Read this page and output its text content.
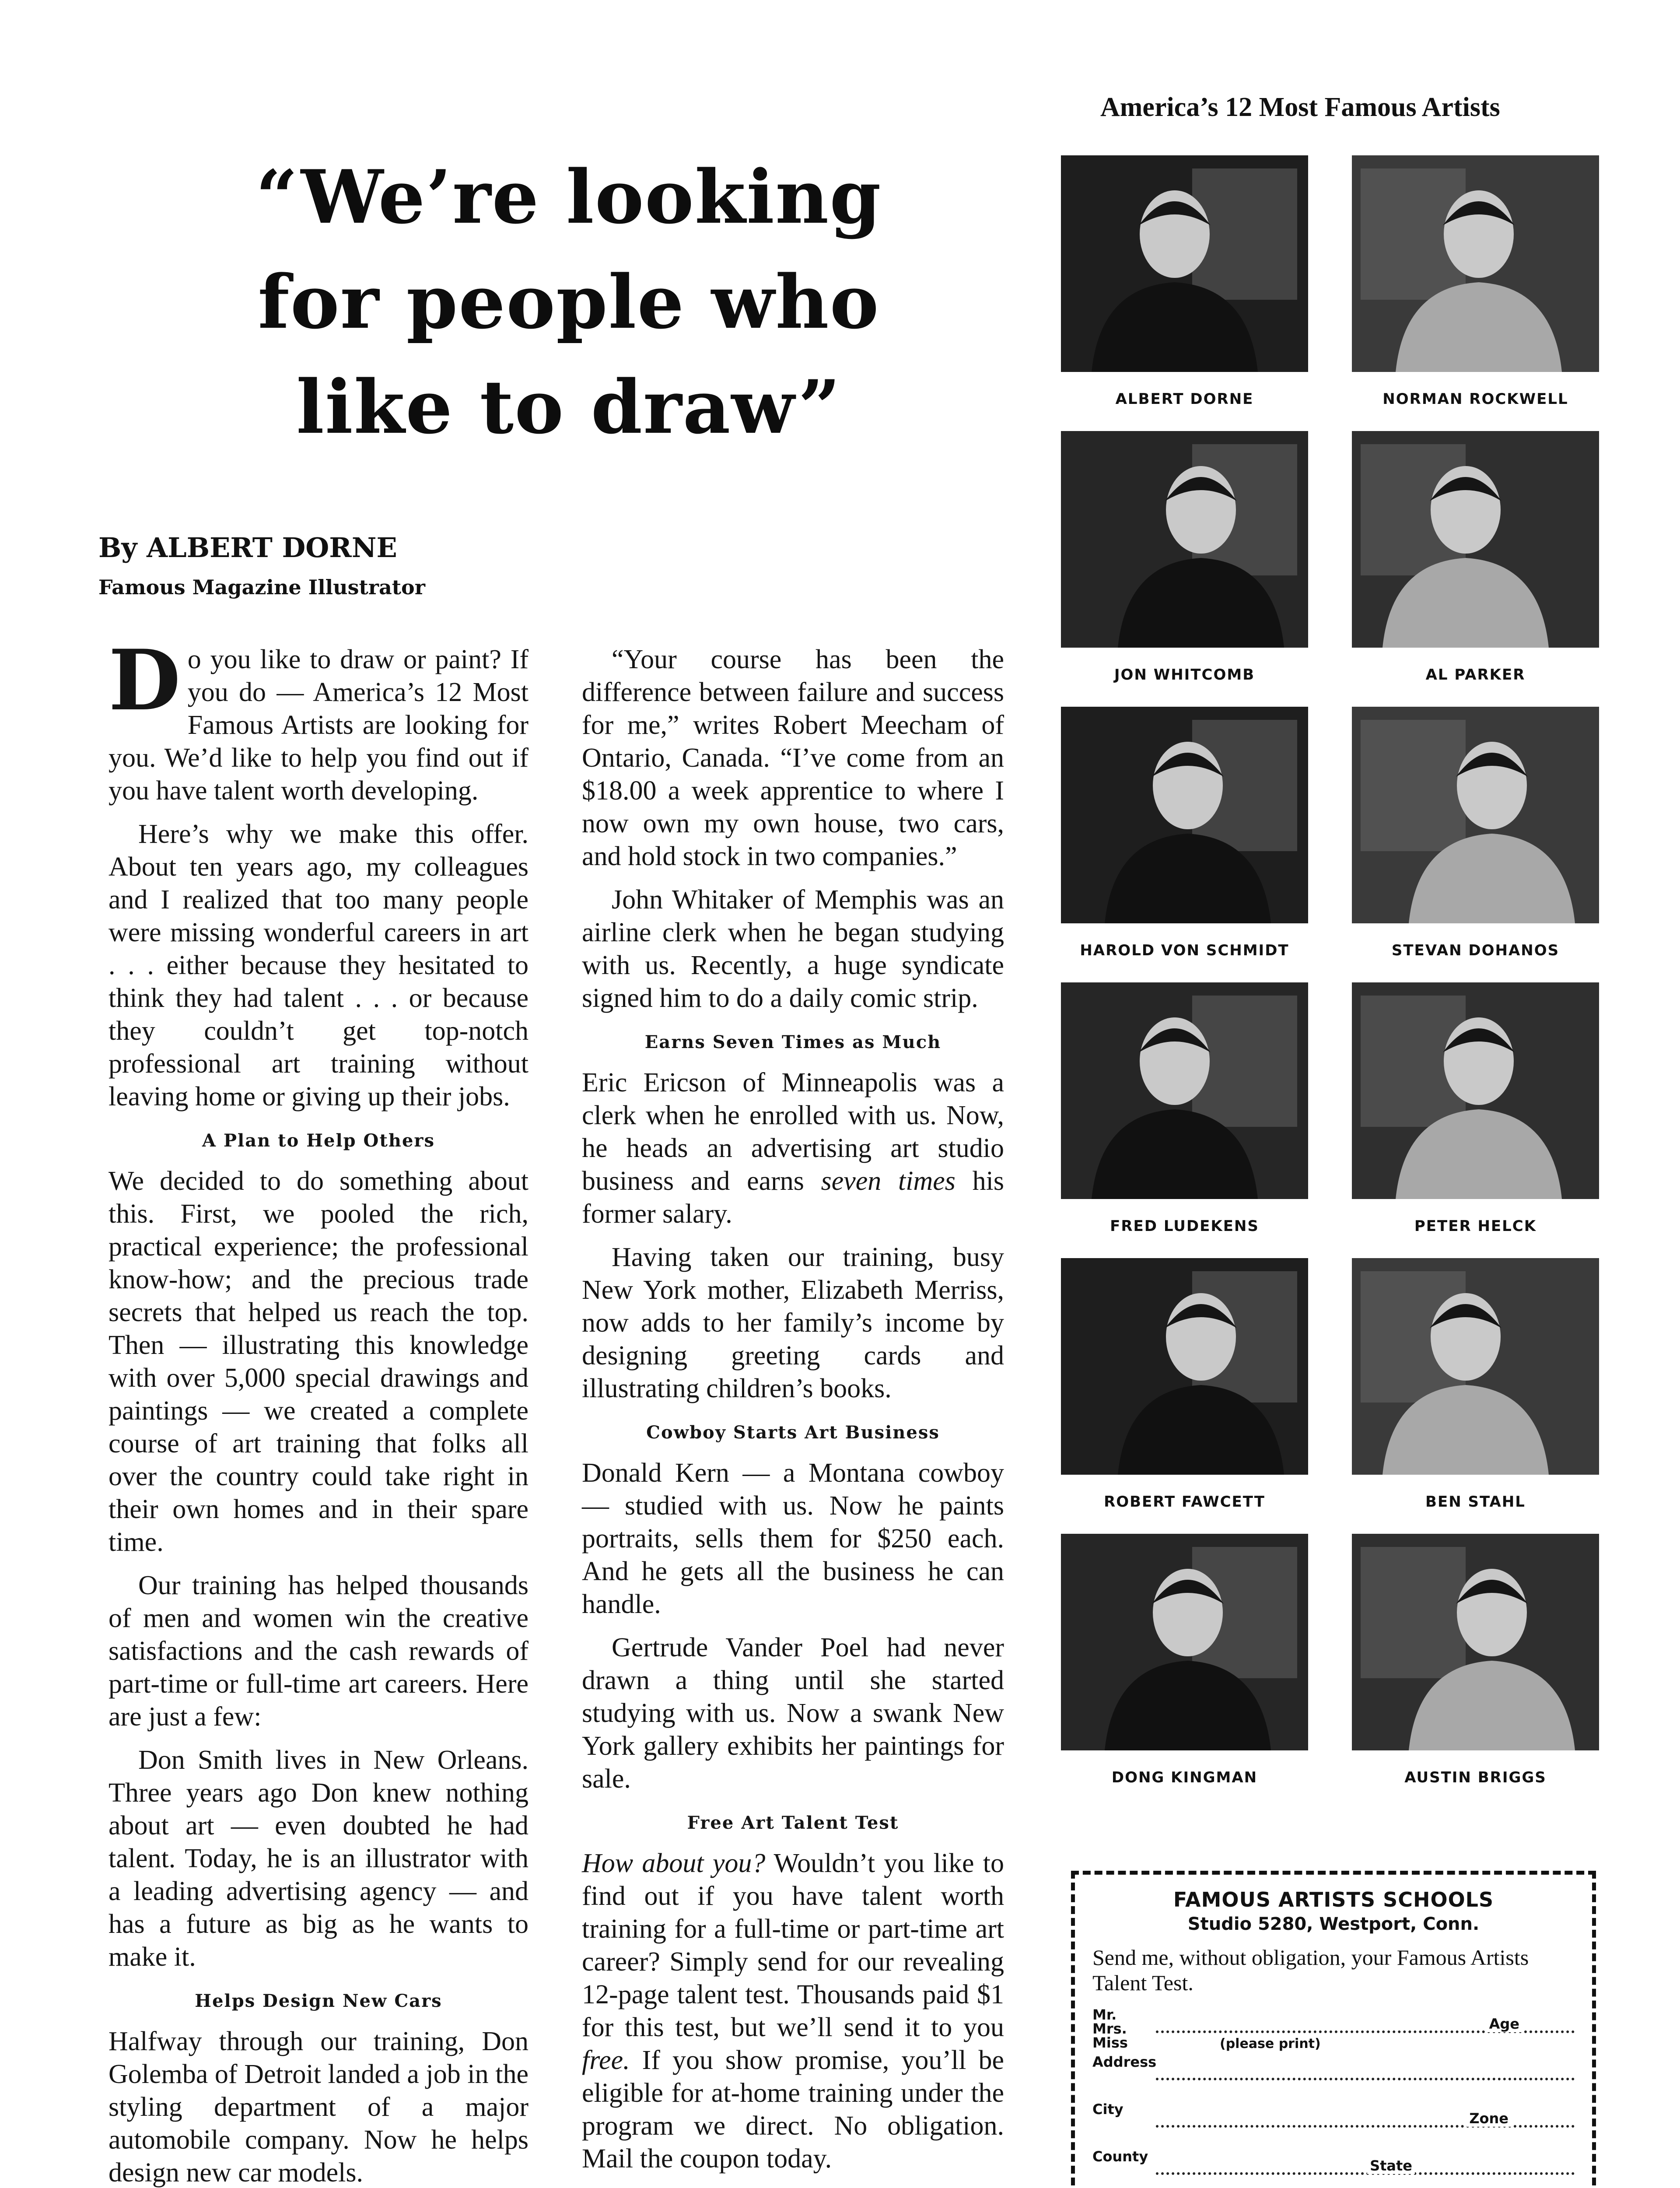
“We’re looking
for people who
like to draw”
By ALBERT DORNE
Famous Magazine Illustrator

Do you like to draw or paint? If you do — America’s 12 Most Famous Artists are looking for you. We’d like to help you find out if you have talent worth developing.

Here’s why we make this offer. About ten years ago, my colleagues and I realized that too many people were missing wonderful careers in art . . . either because they hesitated to think they had talent . . . or because they couldn’t get top-notch professional art training without leaving home or giving up their jobs.

A Plan to Help Others

We decided to do something about this. First, we pooled the rich, practical experience; the professional know-how; and the precious trade secrets that helped us reach the top. Then — illustrating this knowledge with over 5,000 special drawings and paintings — we created a complete course of art training that folks all over the country could take right in their own homes and in their spare time.

Our training has helped thousands of men and women win the creative satisfactions and the cash rewards of part-time or full-time art careers. Here are just a few:

Don Smith lives in New Orleans. Three years ago Don knew nothing about art — even doubted he had talent. Today, he is an illustrator with a leading advertising agency — and has a future as big as he wants to make it.

Helps Design New Cars

Halfway through our training, Don Golemba of Detroit landed a job in the styling department of a major automobile company. Now he helps design new car models.

“Your course has been the difference between failure and success for me,” writes Robert Meecham of Ontario, Canada. “I’ve come from an $18.00 a week apprentice to where I now own my own house, two cars, and hold stock in two companies.”

John Whitaker of Memphis was an airline clerk when he began studying with us. Recently, a huge syndicate signed him to do a daily comic strip.

Earns Seven Times as Much

Eric Ericson of Minneapolis was a clerk when he enrolled with us. Now, he heads an advertising art studio business and earns seven times his former salary.

Having taken our training, busy New York mother, Elizabeth Merriss, now adds to her family’s income by designing greeting cards and illustrating children’s books.

Cowboy Starts Art Business

Donald Kern — a Montana cowboy — studied with us. Now he paints portraits, sells them for $250 each. And he gets all the business he can handle.

Gertrude Vander Poel had never drawn a thing until she started studying with us. Now a swank New York gallery exhibits her paintings for sale.

Free Art Talent Test

How about you? Wouldn’t you like to find out if you have talent worth training for a full-time or part-time art career? Simply send for our revealing 12-page talent test. Thousands paid $1 for this test, but we’ll send it to you free. If you show promise, you’ll be eligible for at-home training under the program we direct. No obligation. Mail the coupon today.

America’s 12 Most Famous Artists
ALBERT DORNE	NORMAN ROCKWELL
JON WHITCOMB	AL PARKER
HAROLD VON SCHMIDT	STEVAN DOHANOS
FRED LUDEKENS	PETER HELCK
ROBERT FAWCETT	BEN STAHL
DONG KINGMAN	AUSTIN BRIGGS
FAMOUS ARTISTS SCHOOLS
Studio 5280, Westport, Conn.
Send me, without obligation, your Famous Artists Talent Test.
Mr. Mrs. Miss	(please print)
Age
Address
City
Zone
County
State
